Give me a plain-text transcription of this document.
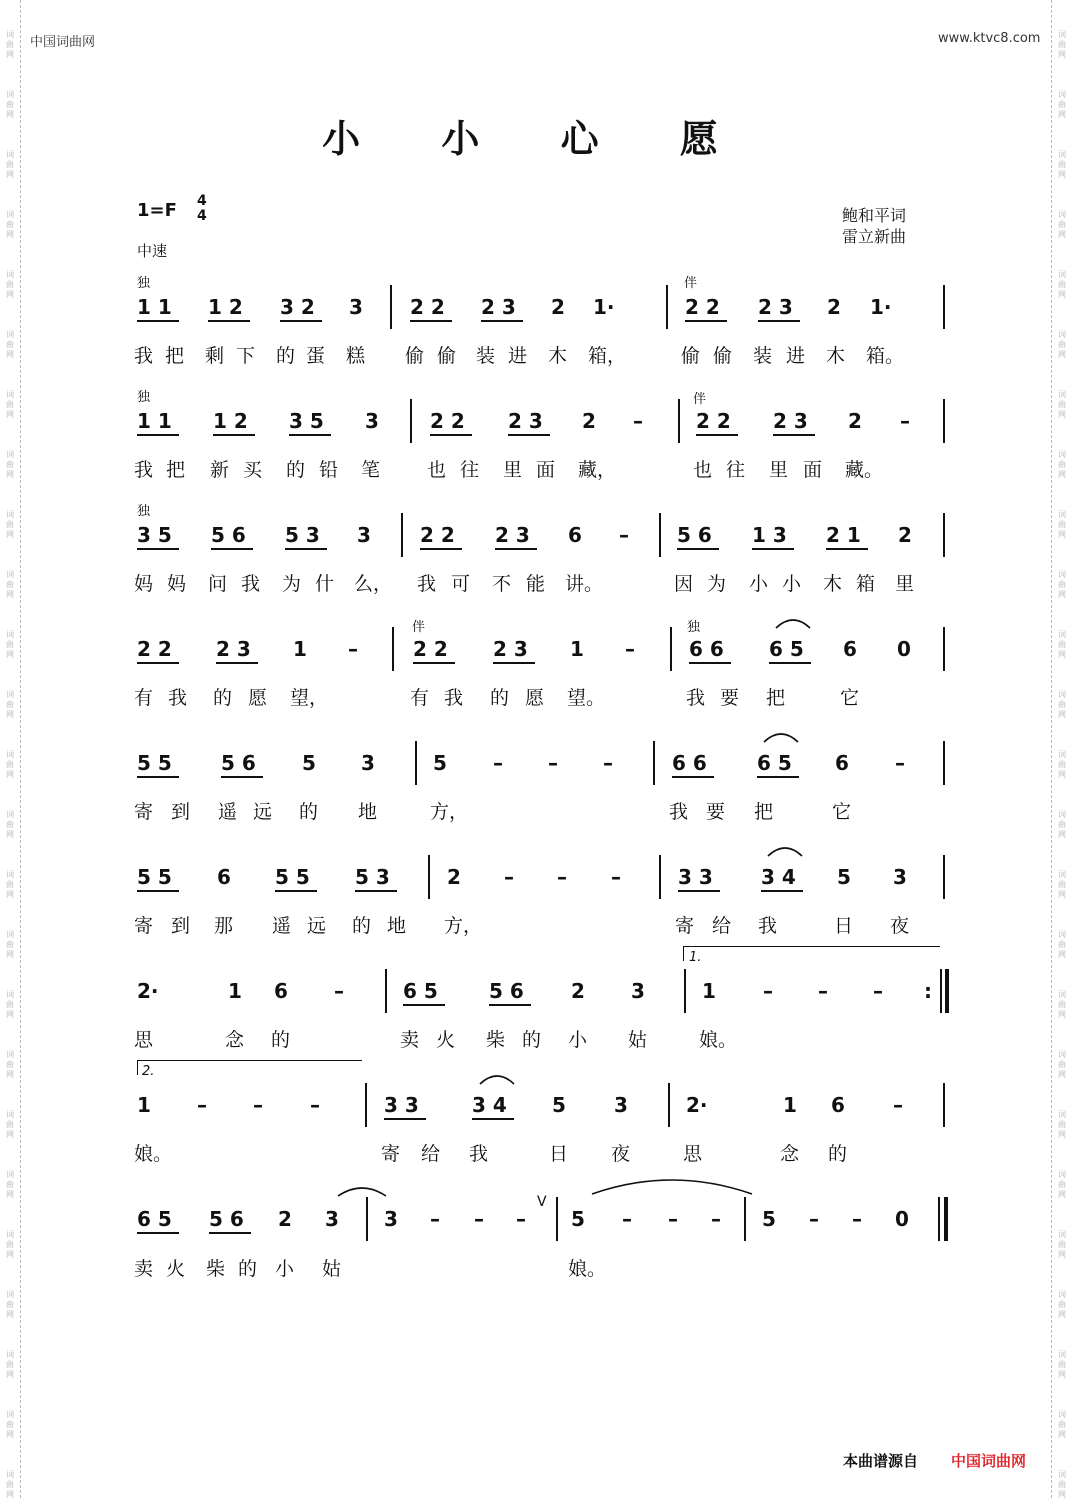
词
曲
网
词
曲
网
词
曲
网
词
曲
网
词
曲
网
词
曲
网
词
曲
网
词
曲
网
词
曲
网
词
曲
网
词
曲
网
词
曲
网
词
曲
网
词
曲
网
词
曲
网
词
曲
网
词
曲
网
词
曲
网
词
曲
网
词
曲
网
词
曲
网
词
曲
网
词
曲
网
词
曲
网
词
曲
网
词
曲
网
词
曲
网
词
曲
网
词
曲
网
词
曲
网
词
曲
网
词
曲
网
词
曲
网
词
曲
网
词
曲
网
词
曲
网
词
曲
网
词
曲
网
词
曲
网
词
曲
网
词
曲
网
词
曲
网
词
曲
网
词
曲
网
词
曲
网
词
曲
网
词
曲
网
词
曲
网
词
曲
网
词
曲
网
中国词曲网	www.ktvc8.com
小 小 心 愿
1=F 4
4
中速
鲍和平词
雷立新曲
独	伴
独	伴
独
伴	独
1.
2.
V
1 1 1 2 3 2 3 2 2 2 3 2 1·	2 2 2 3 2 1·
我 把 剩 下 的 蛋 糕 偷 偷 装 进 木 箱，	偷 偷 装 进 木 箱。
1 1 1 2 3 5 3	2 2 2 3 2 –	2 2 2 3 2 –
我 把 新 买 的 铅 笔 也 往 里 面 藏，	也 往 里 面 藏。
3 5 5 6 5 3 3 2 2 2 3 6 – 5 6 1 3 2 1 2
妈 妈 问 我 为 什 么， 我 可 不 能 讲。	因 为 小 小 木 箱 里
2 2 2 3 1 –	2 2 2 3 1 –	6 6 6 5 6 0
有 我 的 愿 望，	有 我 的 愿 望。	我 要 把	它
5 5 5 6 5 3	5 – – –	6 6	6 5 6 –
寄 到 遥 远 的 地	方，	我 要 把	它
5 5 6 5 5 5 3	2 – – –	3 3 3 4 5 3
寄 到 那 遥 远 的 地 方，	寄 给 我	日 夜
2·	1 6 –	6 5	5 6 2 3	1 – – – :
思	念 的	卖 火 柴 的 小 姑	娘。
1 – – –	3 3	3 4 5 3	2·	1 6 –
娘。	寄 给 我	日 夜	思	念 的
6 5 5 6 2 3 3 – – – 5 – – – 5 – – 0
卖 火 柴 的 小 姑	娘。
本曲谱源自 中国词曲网
